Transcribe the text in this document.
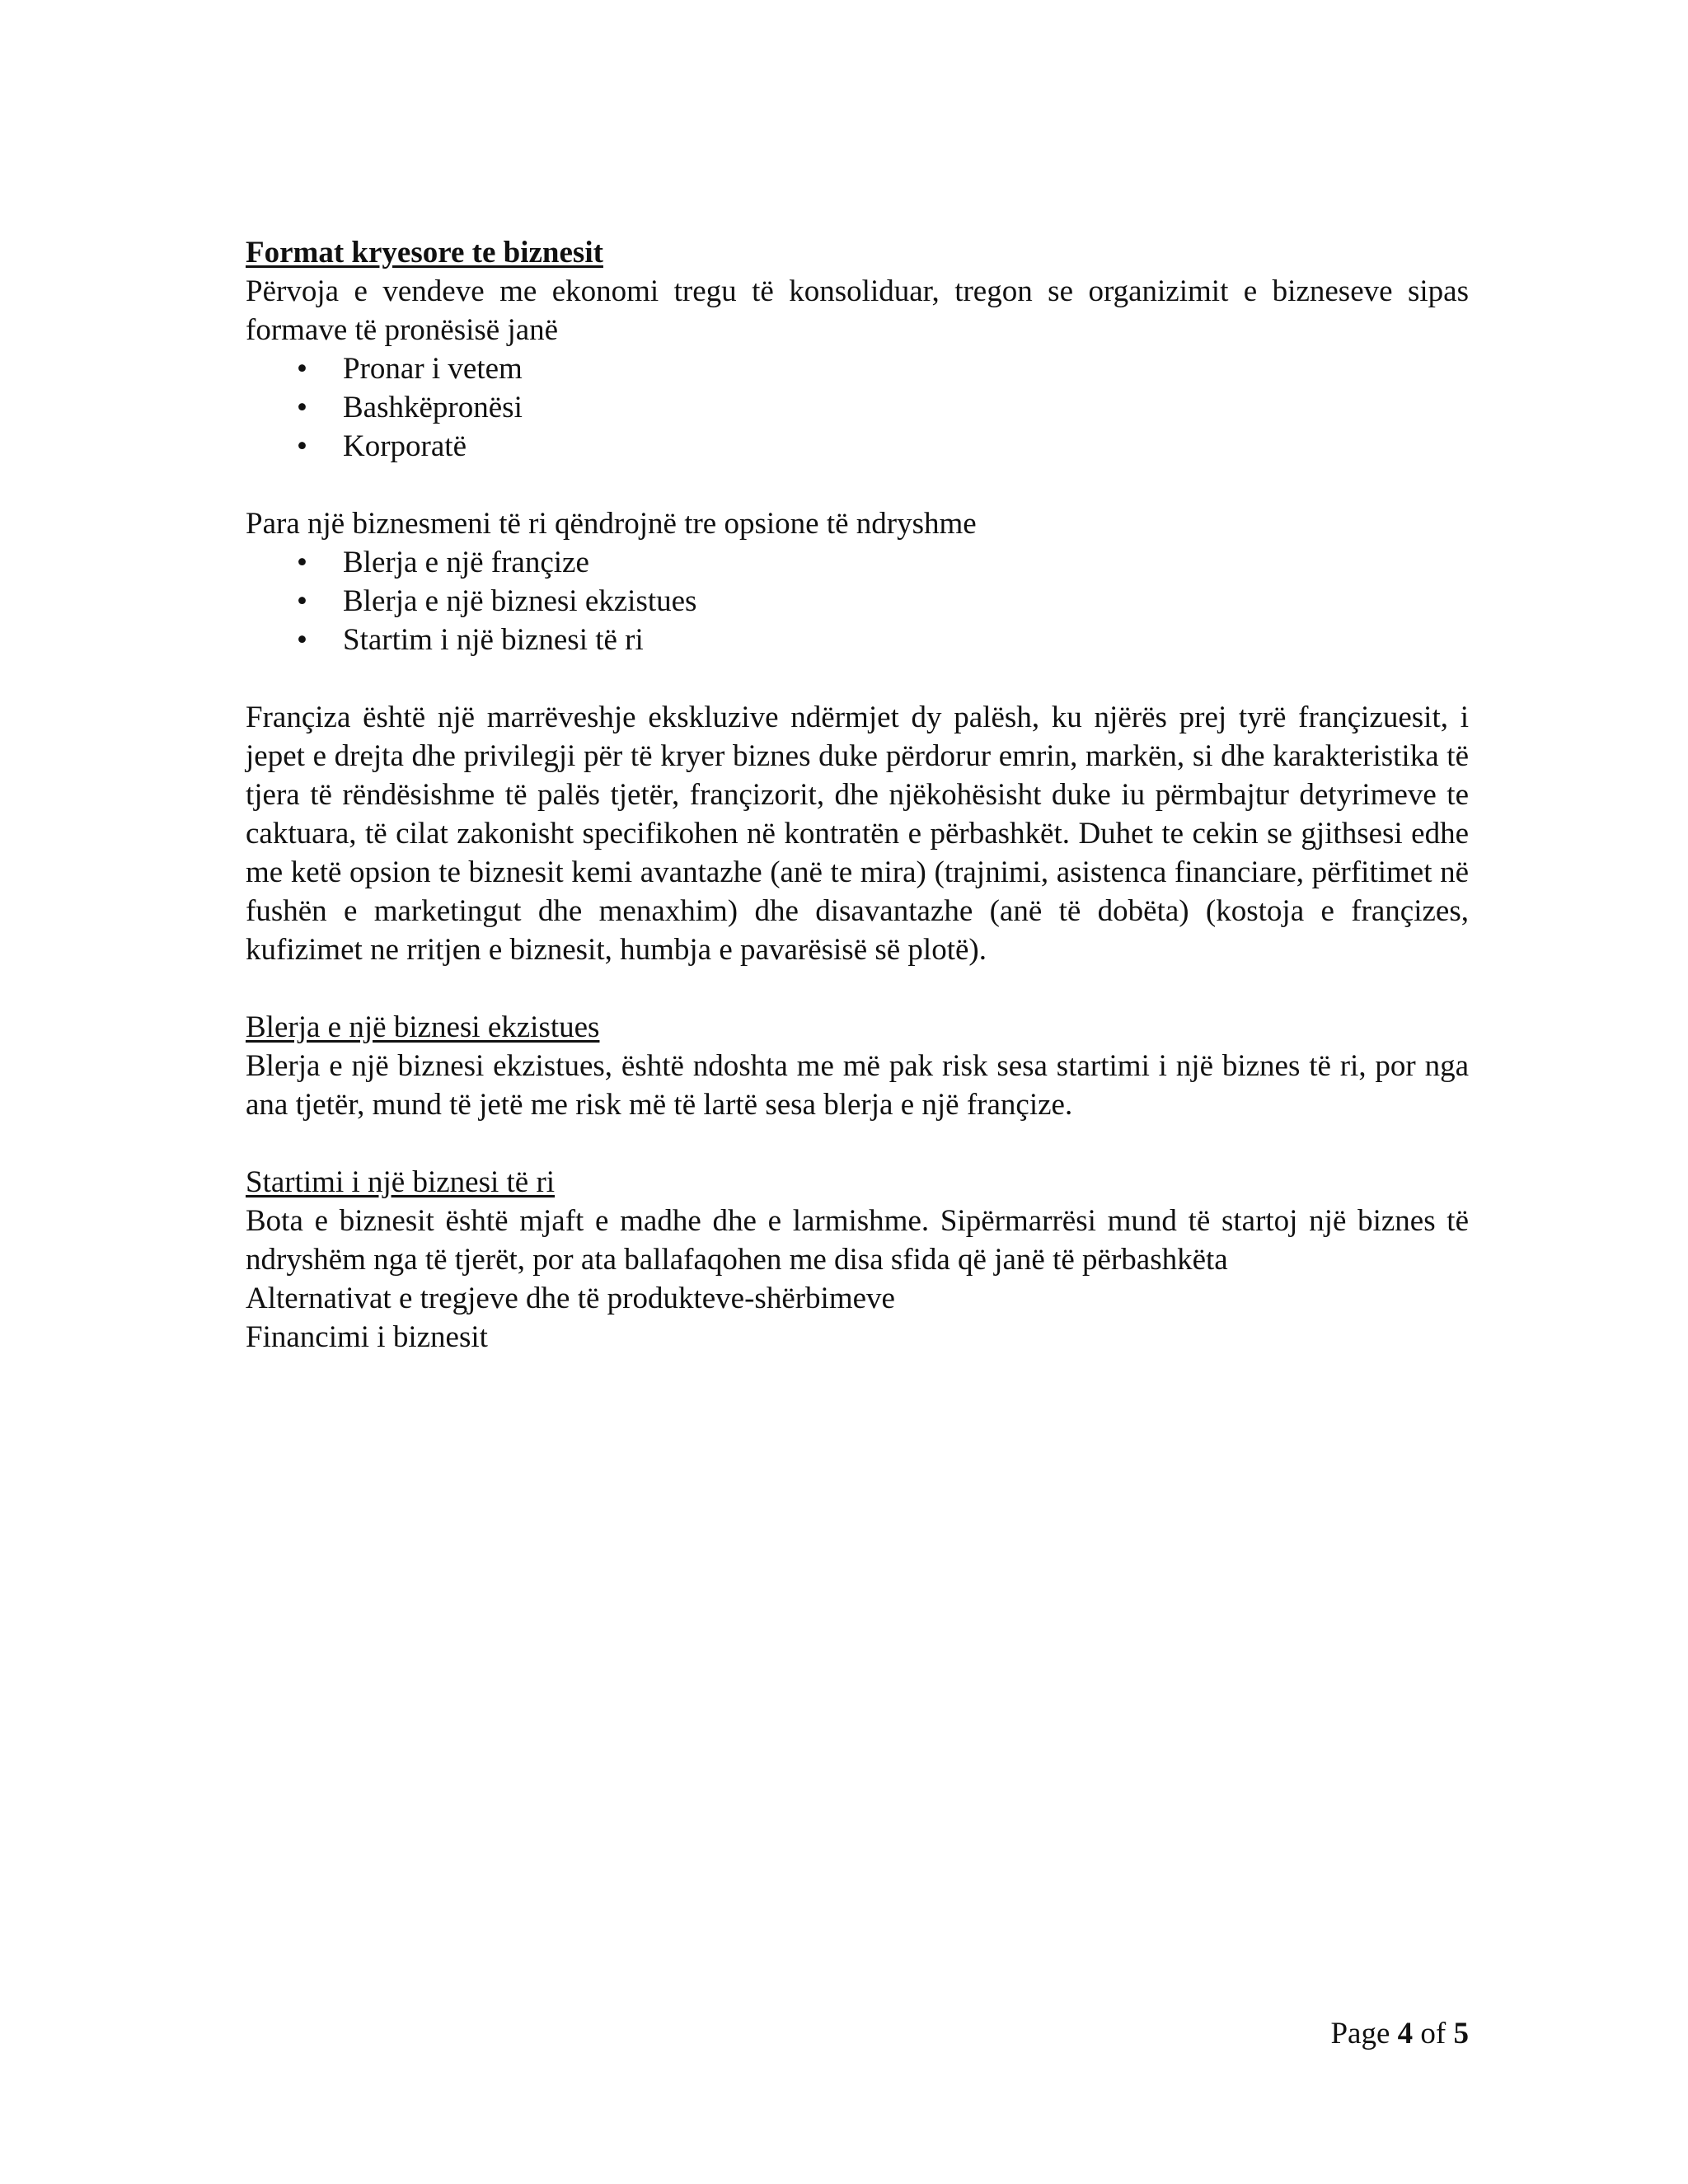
Format kryesore te biznesit

Përvoja e vendeve me ekonomi tregu të konsoliduar, tregon se organizimit e bizneseve sipas formave të pronësisë janë

• Pronar i vetem
• Bashkëpronësi
• Korporatë

Para një biznesmeni të ri qëndrojnë tre opsione të ndryshme

• Blerja e një françize
• Blerja e një biznesi ekzistues
• Startim i një biznesi të ri

Françiza është një marrëveshje ekskluzive ndërmjet dy palësh, ku njërës prej tyrë françizuesit, i jepet e drejta dhe privilegji për të kryer biznes duke përdorur emrin, markën, si dhe karakteristika të tjera të rëndësishme të palës tjetër, françizorit, dhe njëkohësisht duke iu përmbajtur detyrimeve te caktuara, të cilat zakonisht specifikohen në kontratën e përbashkët. Duhet te cekin se gjithsesi edhe me ketë opsion te biznesit kemi avantazhe (anë te mira) (trajnimi, asistenca financiare, përfitimet në fushën e marketingut dhe menaxhim) dhe disavantazhe (anë të dobëta) (kostoja e françizes, kufizimet ne rritjen e biznesit, humbja e pavarësisë së plotë).

Blerja e një biznesi ekzistues

Blerja e një biznesi ekzistues, është ndoshta me më pak risk sesa startimi i një biznes të ri, por nga ana tjetër, mund të jetë me risk më të lartë sesa blerja e një françize.

Startimi i një biznesi të ri

Bota e biznesit është mjaft e madhe dhe e larmishme. Sipërmarrësi mund të startoj një biznes të ndryshëm nga të tjerët, por ata ballafaqohen me disa sfida që janë të përbashkëta

Alternativat e tregjeve dhe të produkteve-shërbimeve

Financimi i biznesit

Page 4 of 5
